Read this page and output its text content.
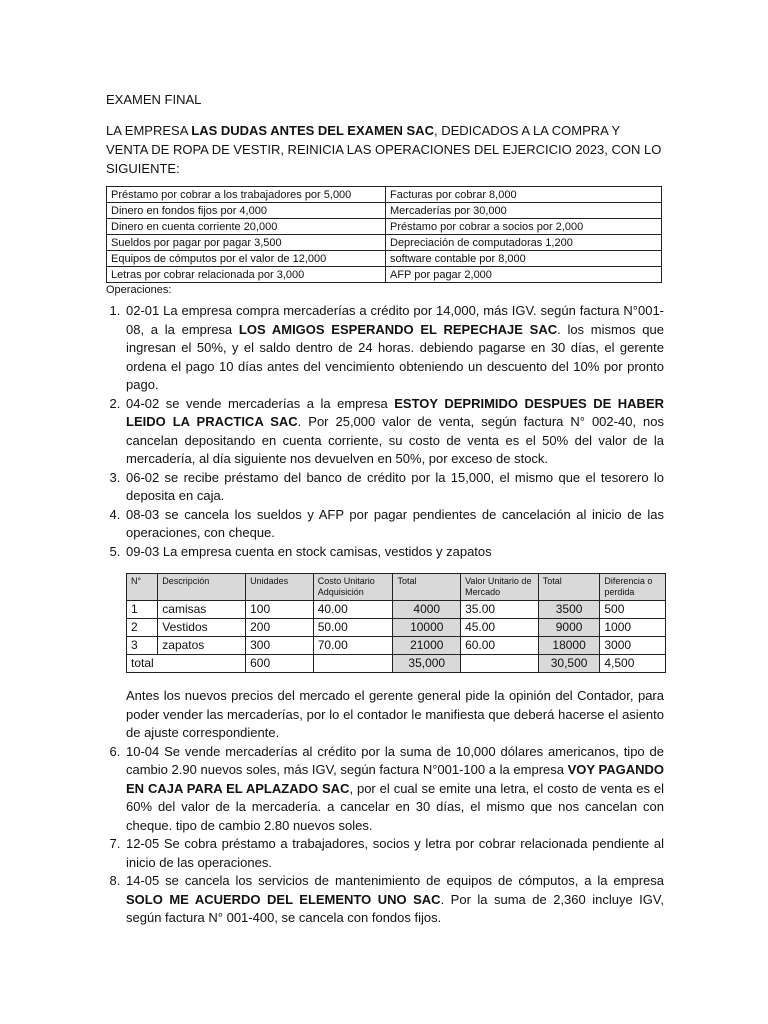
EXAMEN FINAL

LA EMPRESA LAS DUDAS ANTES DEL EXAMEN SAC, DEDICADOS A LA COMPRA Y VENTA DE ROPA DE VESTIR, REINICIA LAS OPERACIONES DEL EJERCICIO 2023, CON LO SIGUIENTE:

Préstamo por cobrar a los trabajadores por 5,000	Facturas por cobrar 8,000
Dinero en fondos fijos por 4,000	Mercaderías por 30,000
Dinero en cuenta corriente 20,000	Préstamo por cobrar a socios por 2,000
Sueldos por pagar por pagar 3,500	Depreciación de computadoras 1,200
Equipos de cómputos por el valor de 12,000	software contable por 8,000
Letras por cobrar relacionada por 3,000	AFP por pagar 2,000
Operaciones:
1. 02-01 La empresa compra mercaderías a crédito por 14,000, más IGV. según factura N°001-08, a la empresa LOS AMIGOS ESPERANDO EL REPECHAJE SAC. los mismos que ingresan el 50%, y el saldo dentro de 24 horas. debiendo pagarse en 30 días, el gerente ordena el pago 10 días antes del vencimiento obteniendo un descuento del 10% por pronto pago.
2. 04-02 se vende mercaderías a la empresa ESTOY DEPRIMIDO DESPUES DE HABER LEIDO LA PRACTICA SAC. Por 25,000 valor de venta, según factura N° 002-40, nos cancelan depositando en cuenta corriente, su costo de venta es el 50% del valor de la mercadería, al día siguiente nos devuelven en 50%, por exceso de stock.
3. 06-02 se recibe préstamo del banco de crédito por la 15,000, el mismo que el tesorero lo deposita en caja.
4. 08-03 se cancela los sueldos y AFP por pagar pendientes de cancelación al inicio de las operaciones, con cheque.
5. 09-03 La empresa cuenta en stock camisas, vestidos y zapatos
N°	Descripción	Unidades	Costo Unitario Adquisición	Total	Valor Unitario de Mercado	Total	Diferencia o perdida
1	camisas	100	40.00	4000	35.00	3500	500
2	Vestidos	200	50.00	10000	45.00	9000	1000
3	zapatos	300	70.00	21000	60.00	18000	3000
total		600		35,000		30,500	4,500
Antes los nuevos precios del mercado el gerente general pide la opinión del Contador, para poder vender las mercaderías, por lo el contador le manifiesta que deberá hacerse el asiento de ajuste correspondiente.
6. 10-04 Se vende mercaderías al crédito por la suma de 10,000 dólares americanos, tipo de cambio 2.90 nuevos soles, más IGV, según factura N°001-100 a la empresa VOY PAGANDO EN CAJA PARA EL APLAZADO SAC, por el cual se emite una letra, el costo de venta es el 60% del valor de la mercadería. a cancelar en 30 días, el mismo que nos cancelan con cheque. tipo de cambio 2.80 nuevos soles.
7. 12-05 Se cobra préstamo a trabajadores, socios y letra por cobrar relacionada pendiente al inicio de las operaciones.
8. 14-05 se cancela los servicios de mantenimiento de equipos de cómputos, a la empresa SOLO ME ACUERDO DEL ELEMENTO UNO SAC. Por la suma de 2,360 incluye IGV, según factura N° 001-400, se cancela con fondos fijos.
